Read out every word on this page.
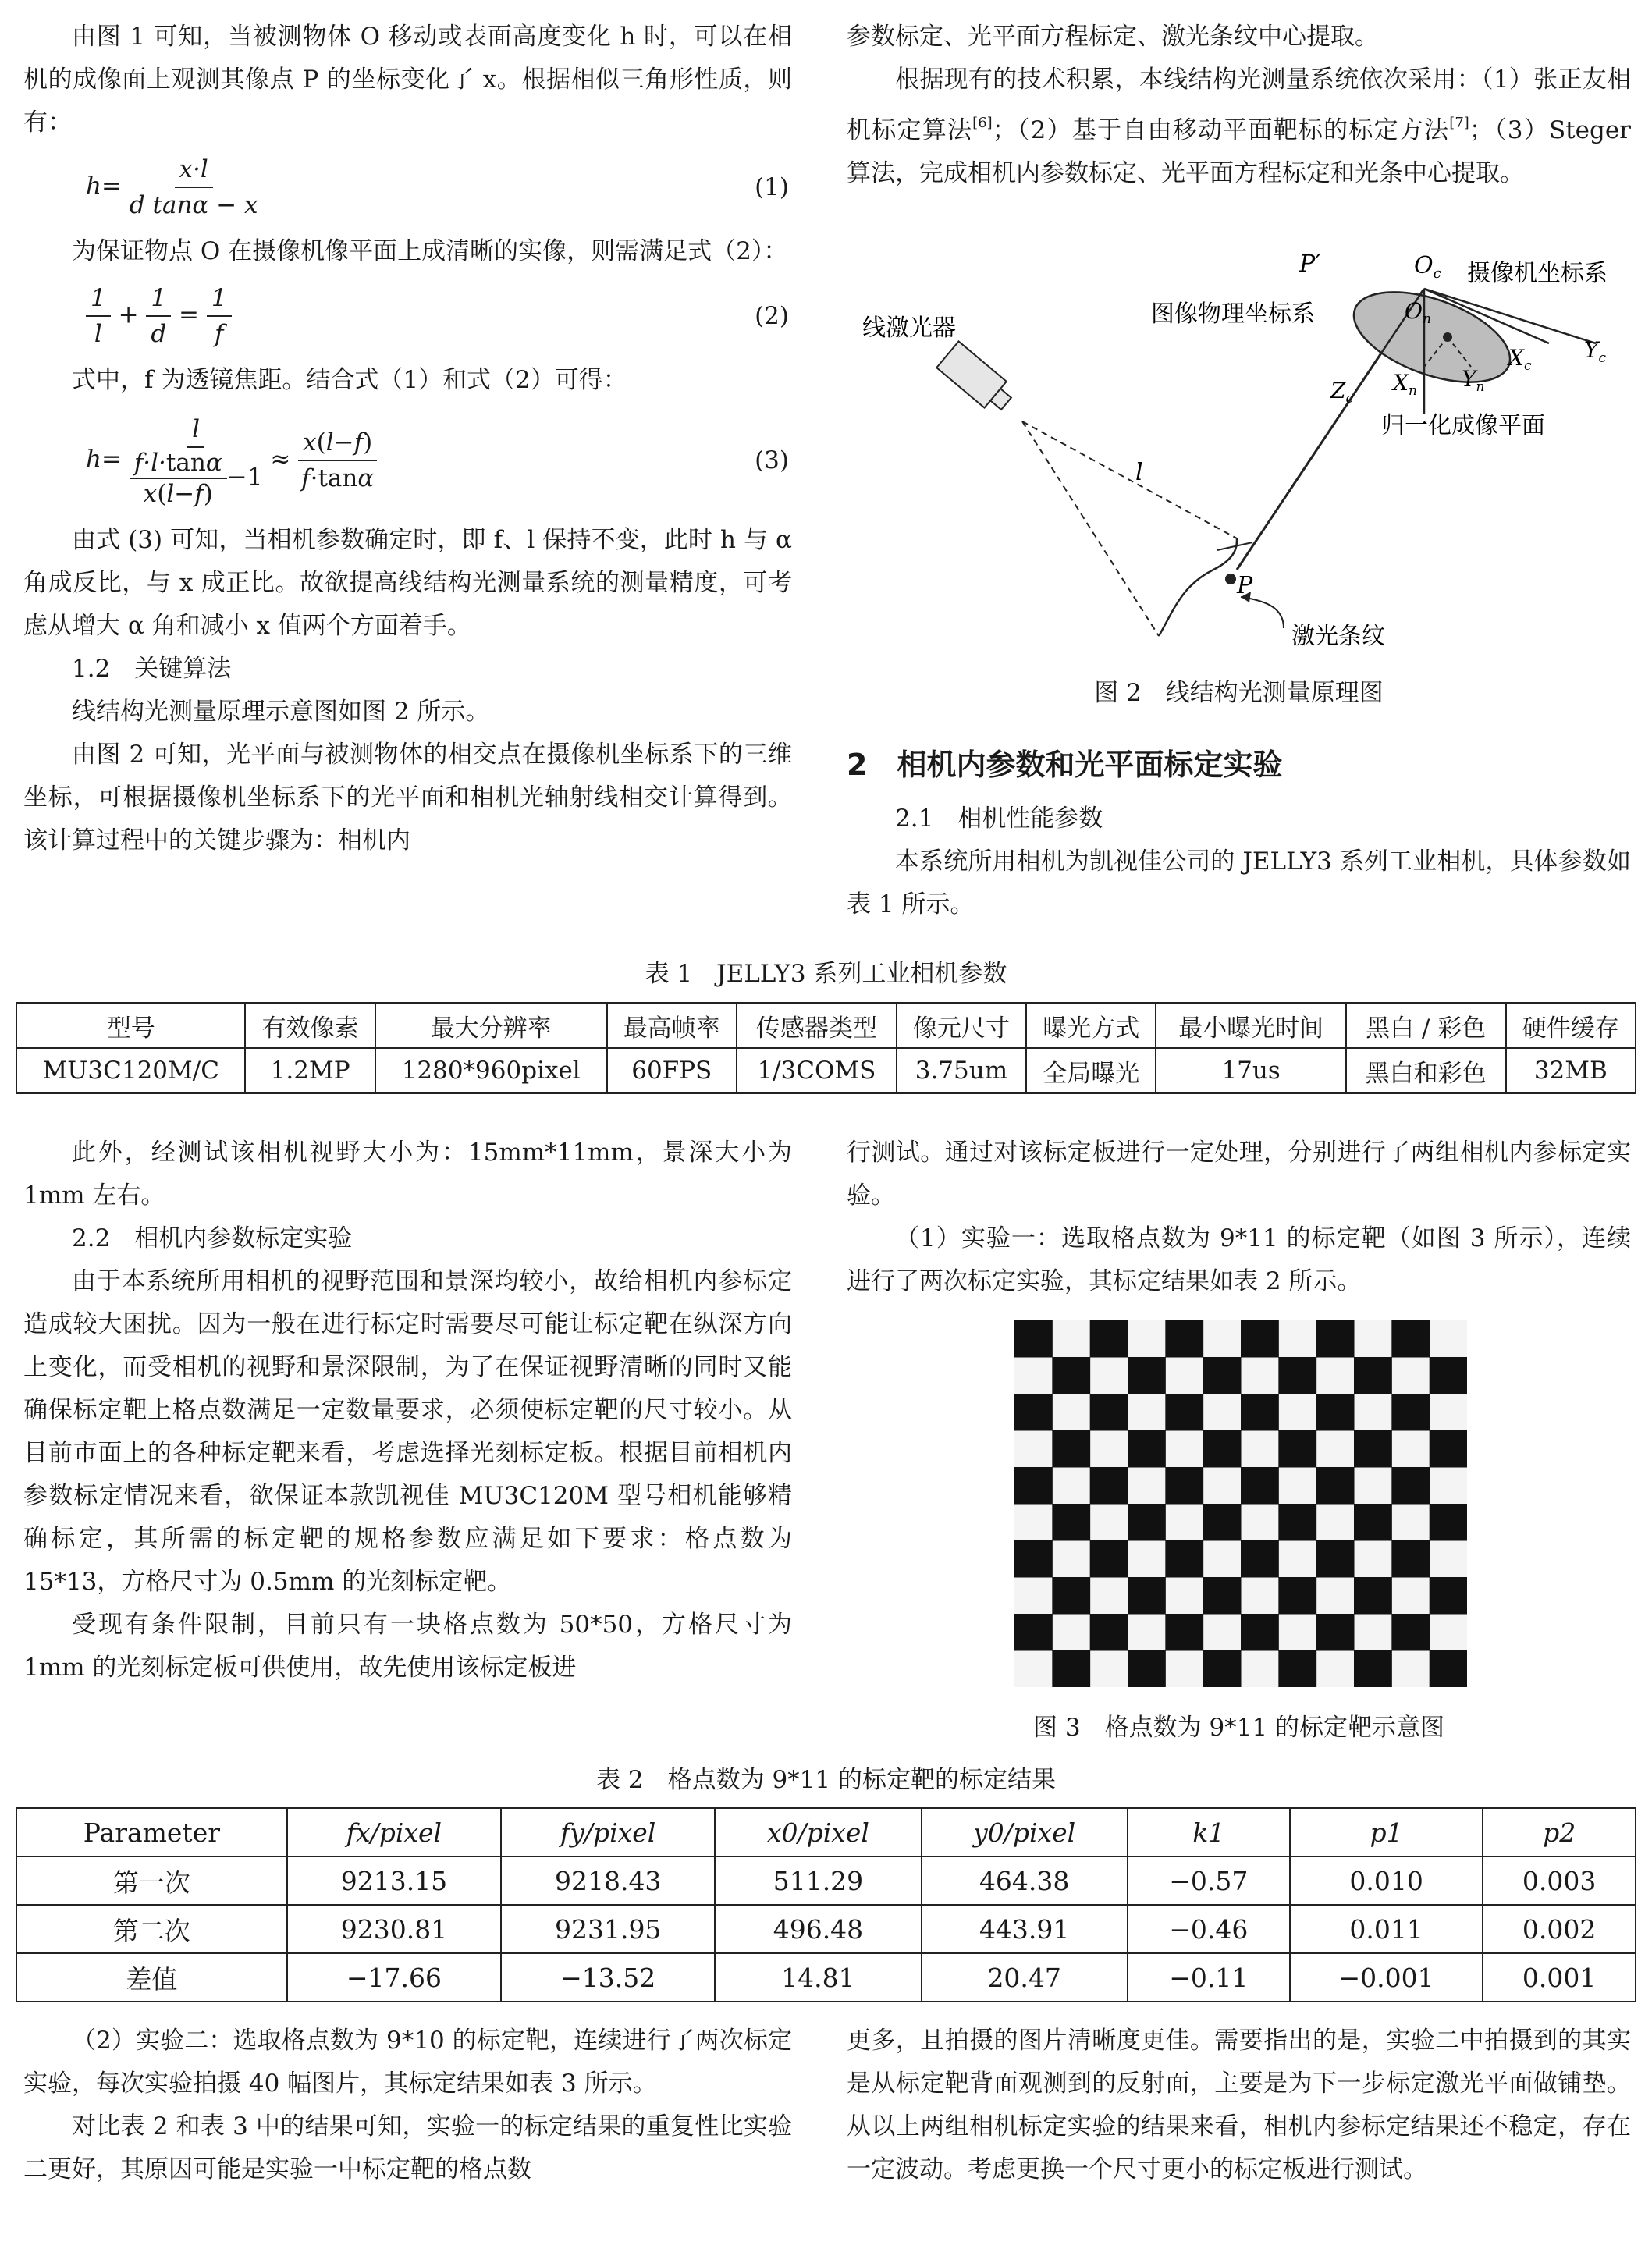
由图 1 可知，当被测物体 O 移动或表面高度变化 h 时，可以在相机的成像面上观测其像点 P 的坐标变化了 x。根据相似三角形性质，则有：

$h= \frac{x\cdot l}{\text{d tanα − x}}$	(1)

为保证物点 O 在摄像机像平面上成清晰的实像，则需满足式（2）：

$\frac{1}{l} + \frac{1}{d} = \frac{1}{f}$	(2)

式中，f 为透镜焦距。结合式（1）和式（2）可得：

$h= \frac{l}{\frac{f\cdot l\cdot\tan\alpha}{x(l-f)} -1} \approx \frac{x(l-f)}{f\cdot\tan\alpha}$	(3)

由式 (3) 可知，当相机参数确定时，即 f、l 保持不变，此时 h 与 α 角成反比，与 x 成正比。故欲提高线结构光测量系统的测量精度，可考虑从增大 α 角和减小 x 值两个方面着手。

1.2　关键算法

线结构光测量原理示意图如图 2 所示。

由图 2 可知，光平面与被测物体的相交点在摄像机坐标系下的三维坐标，可根据摄像机坐标系下的光平面和相机光轴射线相交计算得到。该计算过程中的关键步骤为：相机内

参数标定、光平面方程标定、激光条纹中心提取。

根据现有的技术积累，本线结构光测量系统依次采用：（1）张正友相机标定算法[6]；（2）基于自由移动平面靶标的标定方法[7]；（3）Steger 算法，完成相机内参数标定、光平面方程标定和光条中心提取。

线激光器
图像物理坐标系
摄像机坐标系
归一化成像平面
激光条纹
P′	$O_c$
$O_n$
$X_c$
$Y_c$
$Z_c$
$X_n$ $Y_n$
l
P
图 2　线结构光测量原理图
2　相机内参数和光平面标定实验
2.1　相机性能参数

本系统所用相机为凯视佳公司的 JELLY3 系列工业相机，具体参数如表 1 所示。

表 1　JELLY3 系列工业相机参数
型号	有效像素	最大分辨率	最高帧率	传感器类型	像元尺寸	曝光方式	最小曝光时间	黑白 / 彩色	硬件缓存
MU3C120M/C	1.2MP	1280*960pixel	60FPS	1/3COMS	3.75um	全局曝光	17us	黑白和彩色	32MB

此外，经测试该相机视野大小为：15mm*11mm，景深大小为 1mm 左右。

2.2　相机内参数标定实验

由于本系统所用相机的视野范围和景深均较小，故给相机内参标定造成较大困扰。因为一般在进行标定时需要尽可能让标定靶在纵深方向上变化，而受相机的视野和景深限制，为了在保证视野清晰的同时又能确保标定靶上格点数满足一定数量要求，必须使标定靶的尺寸较小。从目前市面上的各种标定靶来看，考虑选择光刻标定板。根据目前相机内参数标定情况来看，欲保证本款凯视佳 MU3C120M 型号相机能够精确标定，其所需的标定靶的规格参数应满足如下要求：格点数为 15*13，方格尺寸为 0.5mm 的光刻标定靶。

受现有条件限制，目前只有一块格点数为 50*50，方格尺寸为 1mm 的光刻标定板可供使用，故先使用该标定板进

行测试。通过对该标定板进行一定处理，分别进行了两组相机内参标定实验。

（1）实验一：选取格点数为 9*11 的标定靶（如图 3 所示），连续进行了两次标定实验，其标定结果如表 2 所示。

图 3　格点数为 9*11 的标定靶示意图
表 2　格点数为 9*11 的标定靶的标定结果
Parameter	fx/pixel	fy/pixel	x0/pixel	y0/pixel	k1	p1	p2
第一次	9213.15	9218.43	511.29	464.38	−0.57	0.010	0.003
第二次	9230.81	9231.95	496.48	443.91	−0.46	0.011	0.002
差值	−17.66	−13.52	14.81	20.47	−0.11	−0.001	0.001

（2）实验二：选取格点数为 9*10 的标定靶，连续进行了两次标定实验，每次实验拍摄 40 幅图片，其标定结果如表 3 所示。

对比表 2 和表 3 中的结果可知，实验一的标定结果的重复性比实验二更好，其原因可能是实验一中标定靶的格点数

更多，且拍摄的图片清晰度更佳。需要指出的是，实验二中拍摄到的其实是从标定靶背面观测到的反射面，主要是为下一步标定激光平面做铺垫。从以上两组相机标定实验的结果来看，相机内参标定结果还不稳定，存在一定波动。考虑更换一个尺寸更小的标定板进行测试。
